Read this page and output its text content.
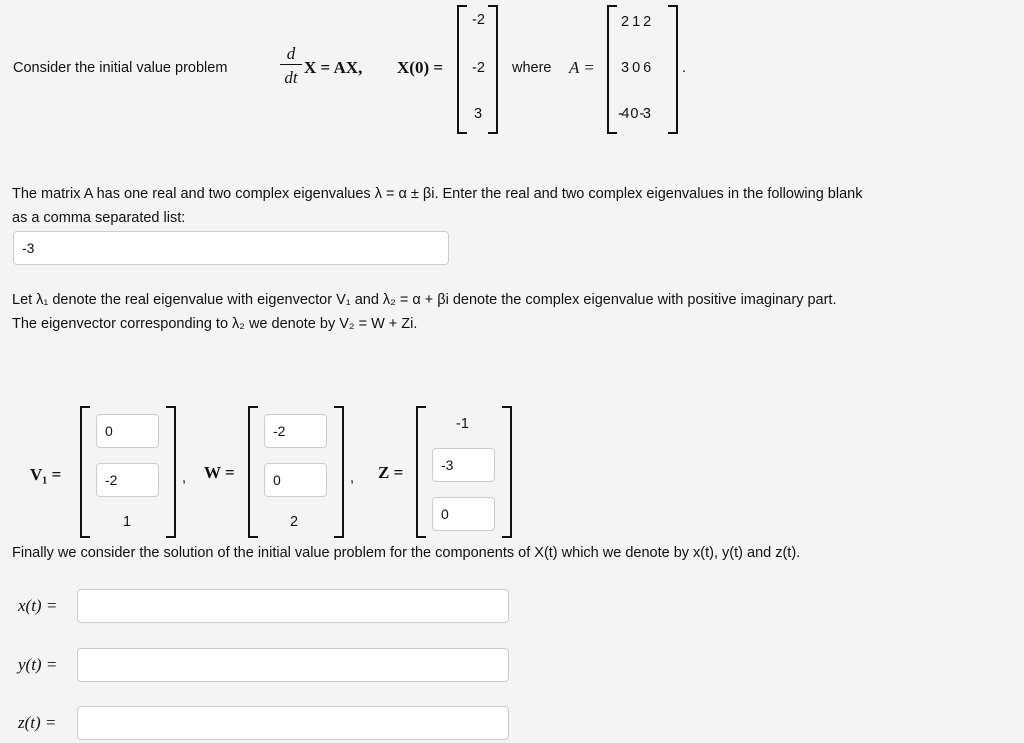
Consider the initial value problem
d
dt
X = AX, X(0) =
-2
-2
3
where A =
2 1 2
3 0 6
-4 0 -3
.
The matrix A has one real and two complex eigenvalues λ = α ± βi. Enter the real and two complex eigenvalues in the following blank
as a comma separated list:
-3
Let λ₁ denote the real eigenvalue with eigenvector V₁ and λ₂ = α + βi denote the complex eigenvalue with positive imaginary part.
The eigenvector corresponding to λ₂ we denote by V₂ = W + Zi.
V₁ =
0
-2
1
, W =
-2
0
2
, Z =
-1
-3
0
Finally we consider the solution of the initial value problem for the components of X(t) which we denote by x(t), y(t) and z(t).
x(t) =
y(t) =
z(t) =
